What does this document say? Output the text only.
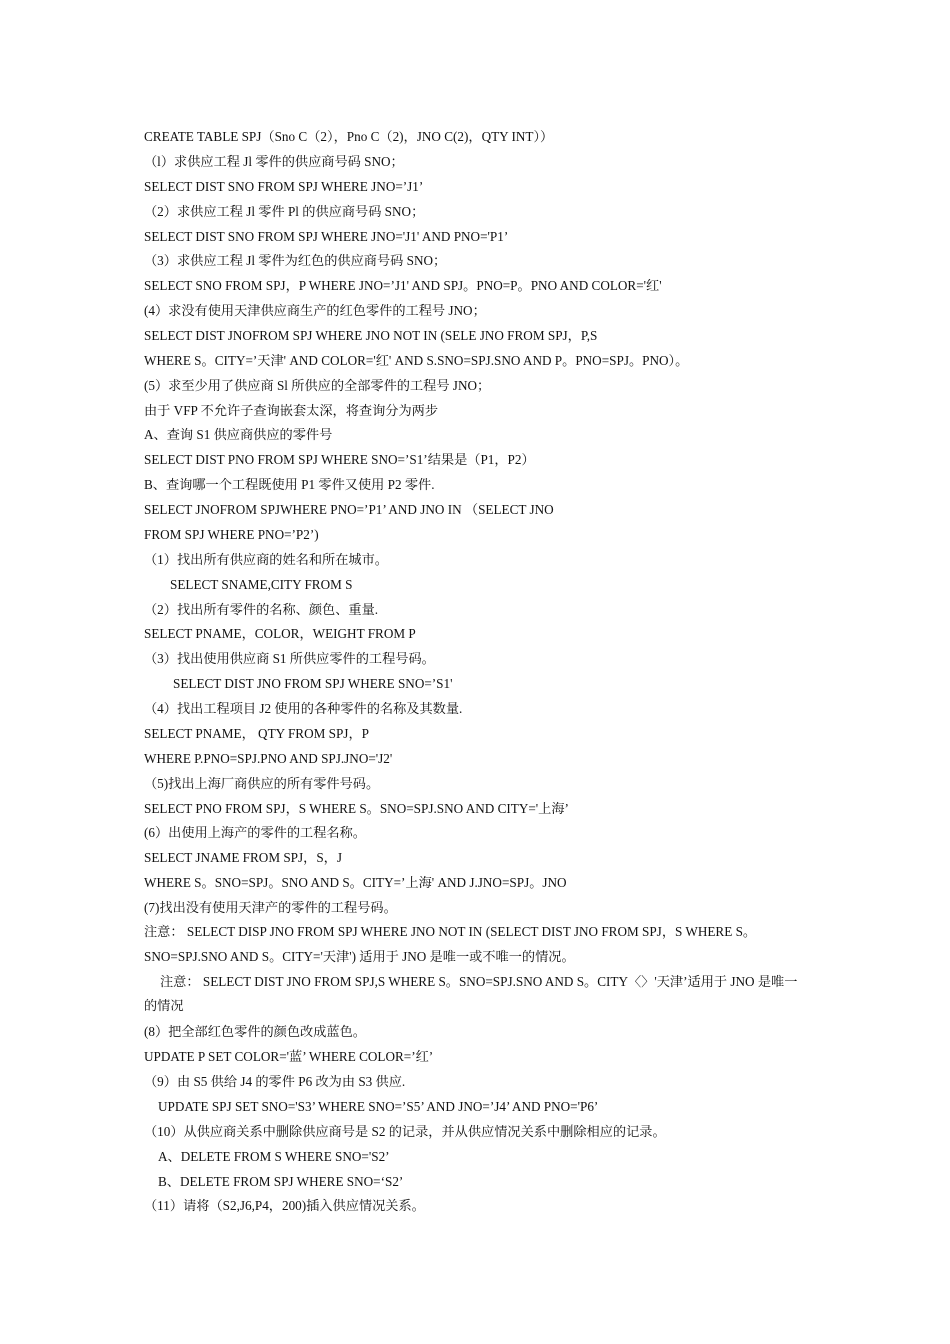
CREATE TABLE SPJ（Sno C（2），Pno C（2)，JNO C(2)，QTY INT））
（l）求供应工程 Jl 零件的供应商号码 SNO；
SELECT DIST SNO FROM SPJ WHERE JNO=’J1’
（2）求供应工程 Jl 零件 Pl 的供应商号码 SNO；
SELECT DIST SNO FROM SPJ WHERE JNO='J1' AND PNO='P1’
（3）求供应工程 Jl 零件为红色的供应商号码 SNO；
SELECT SNO FROM SPJ，P WHERE JNO=’J1' AND SPJ。PNO=P。PNO AND COLOR='红'
(4）求没有使用天津供应商生产的红色零件的工程号 JNO；
SELECT DIST JNOFROM SPJ WHERE JNO NOT IN (SELE JNO FROM SPJ，P,S
WHERE S。CITY=’天津' AND COLOR='红' AND S.SNO=SPJ.SNO AND P。PNO=SPJ。PNO）。
(5）求至少用了供应商 Sl 所供应的全部零件的工程号 JNO；
由于 VFP 不允许子查询嵌套太深，将查询分为两步
A、查询 S1 供应商供应的零件号
SELECT DIST PNO FROM SPJ WHERE SNO=’S1’结果是（P1，P2）
B、查询哪一个工程既使用 P1 零件又使用 P2 零件.
SELECT JNOFROM SPJWHERE PNO=’P1’ AND JNO IN （SELECT JNO
FROM SPJ WHERE PNO=’P2’)
（1）找出所有供应商的姓名和所在城市。
SELECT SNAME,CITY FROM S
（2）找出所有零件的名称、颜色、重量.
SELECT PNAME，COLOR，WEIGHT FROM P
（3）找出使用供应商 S1 所供应零件的工程号码。
SELECT DIST JNO FROM SPJ WHERE SNO=’S1'
（4）找出工程项目 J2 使用的各种零件的名称及其数量.
SELECT PNAME， QTY FROM SPJ，P
WHERE P.PNO=SPJ.PNO AND SPJ.JNO='J2'
（5)找出上海厂商供应的所有零件号码。
SELECT PNO FROM SPJ，S WHERE S。SNO=SPJ.SNO AND CITY='上海’
(6）出使用上海产的零件的工程名称。
SELECT JNAME FROM SPJ，S，J
WHERE S。SNO=SPJ。SNO AND S。CITY=’上海' AND J.JNO=SPJ。JNO
(7)找出没有使用天津产的零件的工程号码。
注意： SELECT DISP JNO FROM SPJ WHERE JNO NOT IN (SELECT DIST JNO FROM SPJ，S WHERE S。SNO=SPJ.SNO AND S。CITY='天津') 适用于 JNO 是唯一或不唯一的情况。
注意： SELECT DIST JNO FROM SPJ,S WHERE S。SNO=SPJ.SNO AND S。CITY〈〉'天津’适用于 JNO 是唯一的情况
(8）把全部红色零件的颜色改成蓝色。
UPDATE P SET COLOR='蓝’ WHERE COLOR=’红’
（9）由 S5 供给 J4 的零件 P6 改为由 S3 供应.
UPDATE SPJ SET SNO='S3’ WHERE SNO=’S5’ AND JNO=’J4’ AND PNO='P6’
（10）从供应商关系中删除供应商号是 S2 的记录，并从供应情况关系中删除相应的记录。
A、DELETE FROM S WHERE SNO='S2’
B、DELETE FROM SPJ WHERE SNO=‘S2’
（11）请将（S2,J6,P4，200)插入供应情况关系。
